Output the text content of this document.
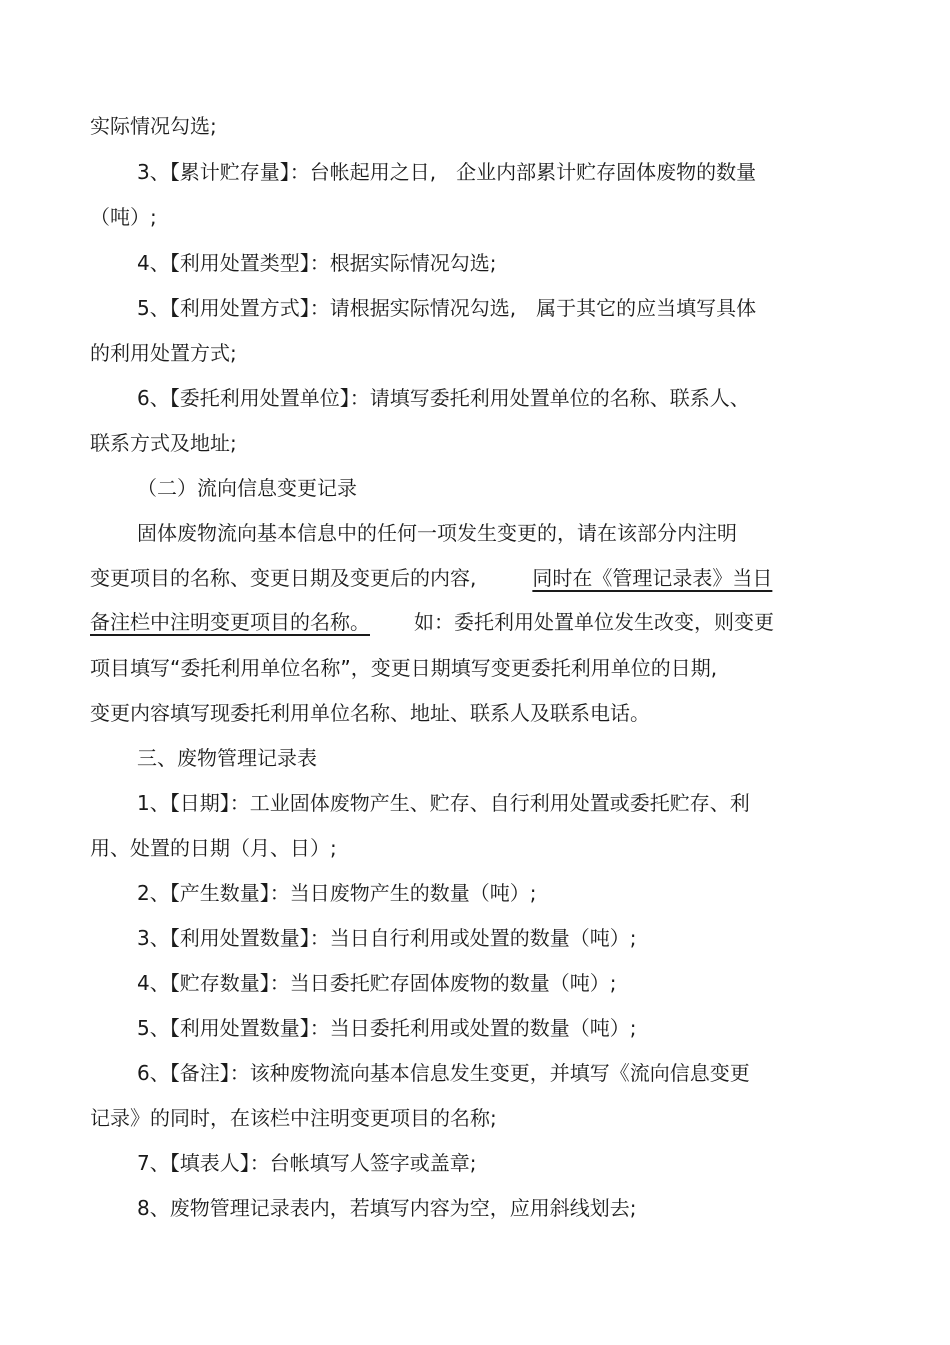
实际情况勾选;

3、【累计贮存量】：台帐起用之日,　企业内部累计贮存固体废物的数量

（吨）;

4、【利用处置类型】：根据实际情况勾选;

5、【利用处置方式】：请根据实际情况勾选,　属于其它的应当填写具体

的利用处置方式;

6、【委托利用处置单位】：请填写委托利用处置单位的名称、联系人、

联系方式及地址;

（二）流向信息变更记录

固体废物流向基本信息中的任何一项发生变更的，请在该部分内注明

变更项目的名称、变更日期及变更后的内容,	同时在《管理记录表》当日

备注栏中注明变更项目的名称。 如：委托利用处置单位发生改变，则变更

项目填写“委托利用单位名称”，变更日期填写变更委托利用单位的日期,

变更内容填写现委托利用单位名称、地址、联系人及联系电话。

三、废物管理记录表

1、【日期】：工业固体废物产生、贮存、自行利用处置或委托贮存、利

用、处置的日期（月、日）;

2、【产生数量】：当日废物产生的数量（吨）;

3、【利用处置数量】：当日自行利用或处置的数量（吨）;

4、【贮存数量】：当日委托贮存固体废物的数量（吨）;

5、【利用处置数量】：当日委托利用或处置的数量（吨）;

6、【备注】：该种废物流向基本信息发生变更，并填写《流向信息变更

记录》的同时，在该栏中注明变更项目的名称;

7、【填表人】：台帐填写人签字或盖章;

8、废物管理记录表内，若填写内容为空，应用斜线划去;
